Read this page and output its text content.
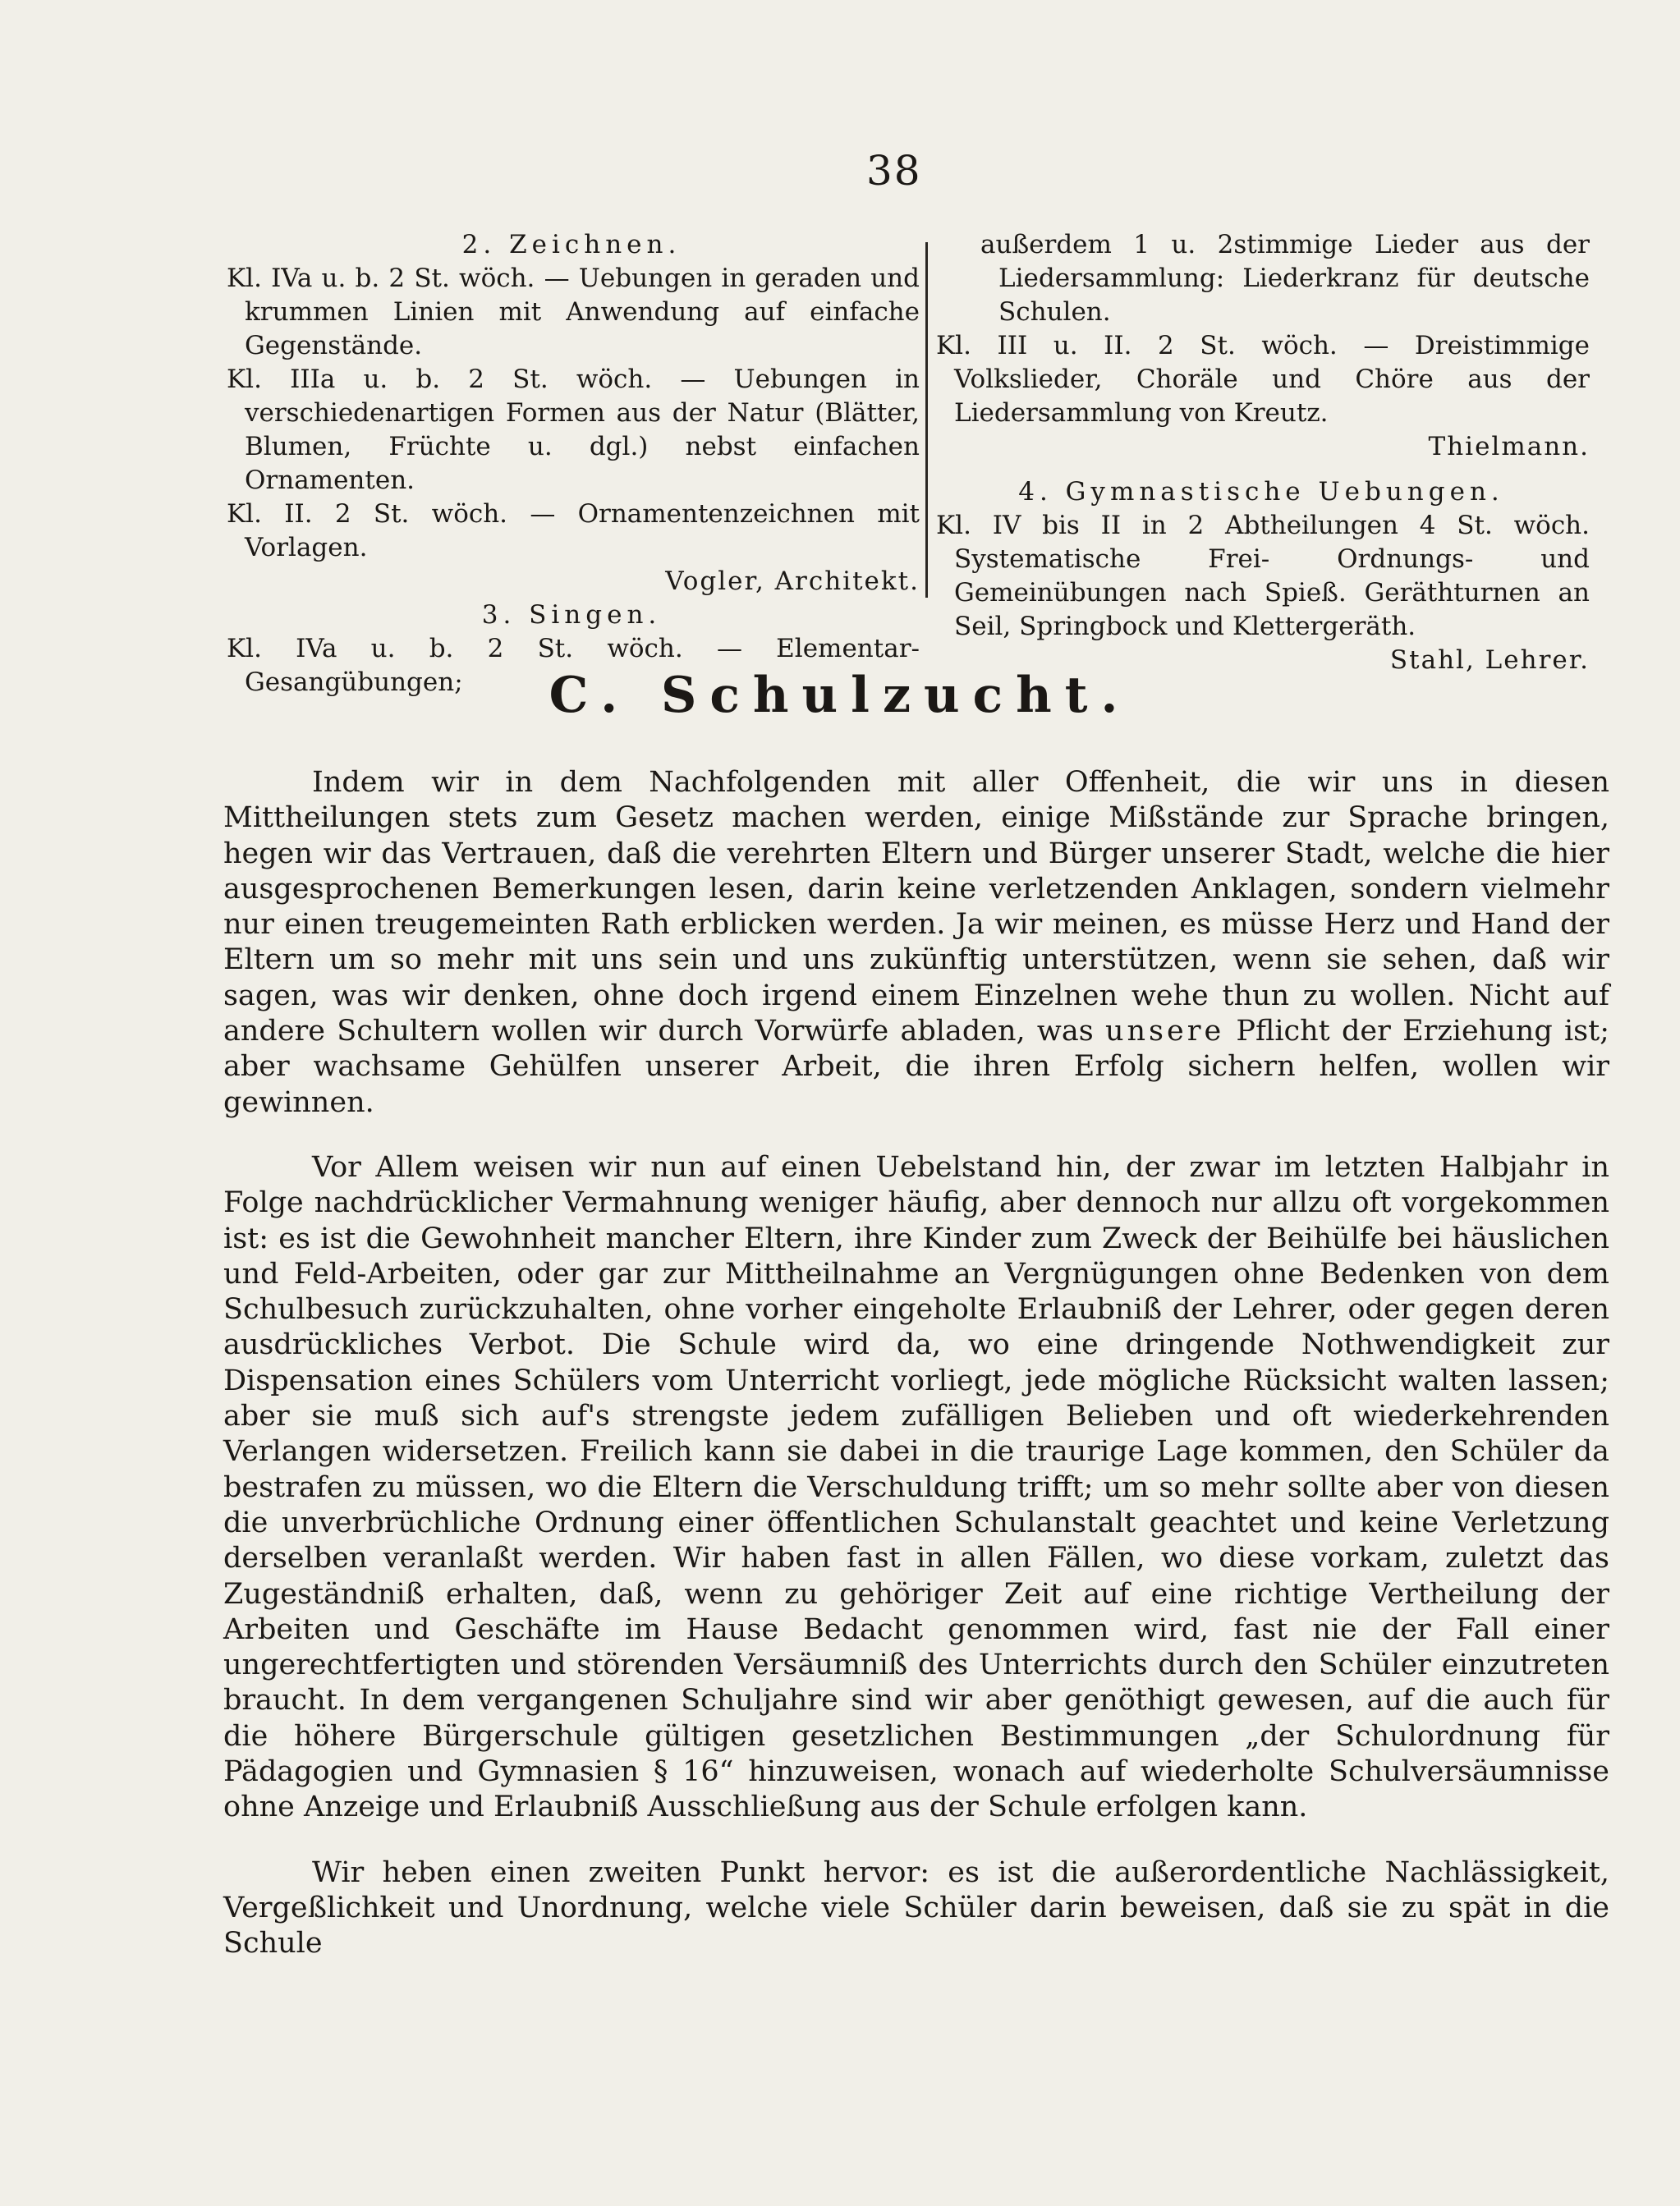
38

2. Zeichnen.

Kl. IVa u. b. 2 St. wöch. — Uebungen in geraden und krummen Linien mit Anwendung auf einfache Gegenstände.

Kl. IIIa u. b. 2 St. wöch. — Uebungen in verschiedenartigen Formen aus der Natur (Blätter, Blumen, Früchte u. dgl.) nebst einfachen Ornamenten.

Kl. II. 2 St. wöch. — Ornamentenzeichnen mit Vorlagen.

Vogler, Architekt.

3. Singen.

Kl. IVa u. b. 2 St. wöch. — Elementar-Gesangübungen;

außerdem 1 u. 2stimmige Lieder aus der Liedersammlung: Liederkranz für deutsche Schulen.

Kl. III u. II. 2 St. wöch. — Dreistimmige Volkslieder, Choräle und Chöre aus der Liedersammlung von Kreutz.

Thielmann.

4. Gymnastische Uebungen.

Kl. IV bis II in 2 Abtheilungen 4 St. wöch. Systematische Frei- Ordnungs- und Gemeinübungen nach Spieß. Geräthturnen an Seil, Springbock und Klettergeräth.

Stahl, Lehrer.

C. Schulzucht.

Indem wir in dem Nachfolgenden mit aller Offenheit, die wir uns in diesen Mittheilungen stets zum Gesetz machen werden, einige Mißstände zur Sprache bringen, hegen wir das Vertrauen, daß die verehrten Eltern und Bürger unserer Stadt, welche die hier ausgesprochenen Bemerkungen lesen, darin keine verletzenden Anklagen, sondern vielmehr nur einen treugemeinten Rath erblicken werden. Ja wir meinen, es müsse Herz und Hand der Eltern um so mehr mit uns sein und uns zukünftig unterstützen, wenn sie sehen, daß wir sagen, was wir denken, ohne doch irgend einem Einzelnen wehe thun zu wollen. Nicht auf andere Schultern wollen wir durch Vorwürfe abladen, was unsere Pflicht der Erziehung ist; aber wachsame Gehülfen unserer Arbeit, die ihren Erfolg sichern helfen, wollen wir gewinnen.

Vor Allem weisen wir nun auf einen Uebelstand hin, der zwar im letzten Halbjahr in Folge nachdrücklicher Vermahnung weniger häufig, aber dennoch nur allzu oft vorgekommen ist: es ist die Gewohnheit mancher Eltern, ihre Kinder zum Zweck der Beihülfe bei häuslichen und Feld-Arbeiten, oder gar zur Mittheilnahme an Vergnügungen ohne Bedenken von dem Schulbesuch zurückzuhalten, ohne vorher eingeholte Erlaubniß der Lehrer, oder gegen deren ausdrückliches Verbot. Die Schule wird da, wo eine dringende Nothwendigkeit zur Dispensation eines Schülers vom Unterricht vorliegt, jede mögliche Rücksicht walten lassen; aber sie muß sich auf's strengste jedem zufälligen Belieben und oft wiederkehrenden Verlangen widersetzen. Freilich kann sie dabei in die traurige Lage kommen, den Schüler da bestrafen zu müssen, wo die Eltern die Verschuldung trifft; um so mehr sollte aber von diesen die unverbrüchliche Ordnung einer öffentlichen Schulanstalt geachtet und keine Verletzung derselben veranlaßt werden. Wir haben fast in allen Fällen, wo diese vorkam, zuletzt das Zugeständniß erhalten, daß, wenn zu gehöriger Zeit auf eine richtige Vertheilung der Arbeiten und Geschäfte im Hause Bedacht genommen wird, fast nie der Fall einer ungerechtfertigten und störenden Versäumniß des Unterrichts durch den Schüler einzutreten braucht. In dem vergangenen Schuljahre sind wir aber genöthigt gewesen, auf die auch für die höhere Bürgerschule gültigen gesetzlichen Bestimmungen „der Schulordnung für Pädagogien und Gymnasien § 16“ hinzuweisen, wonach auf wiederholte Schulversäumnisse ohne Anzeige und Erlaubniß Ausschließung aus der Schule erfolgen kann.

Wir heben einen zweiten Punkt hervor: es ist die außerordentliche Nachlässigkeit, Vergeßlichkeit und Unordnung, welche viele Schüler darin beweisen, daß sie zu spät in die Schule
